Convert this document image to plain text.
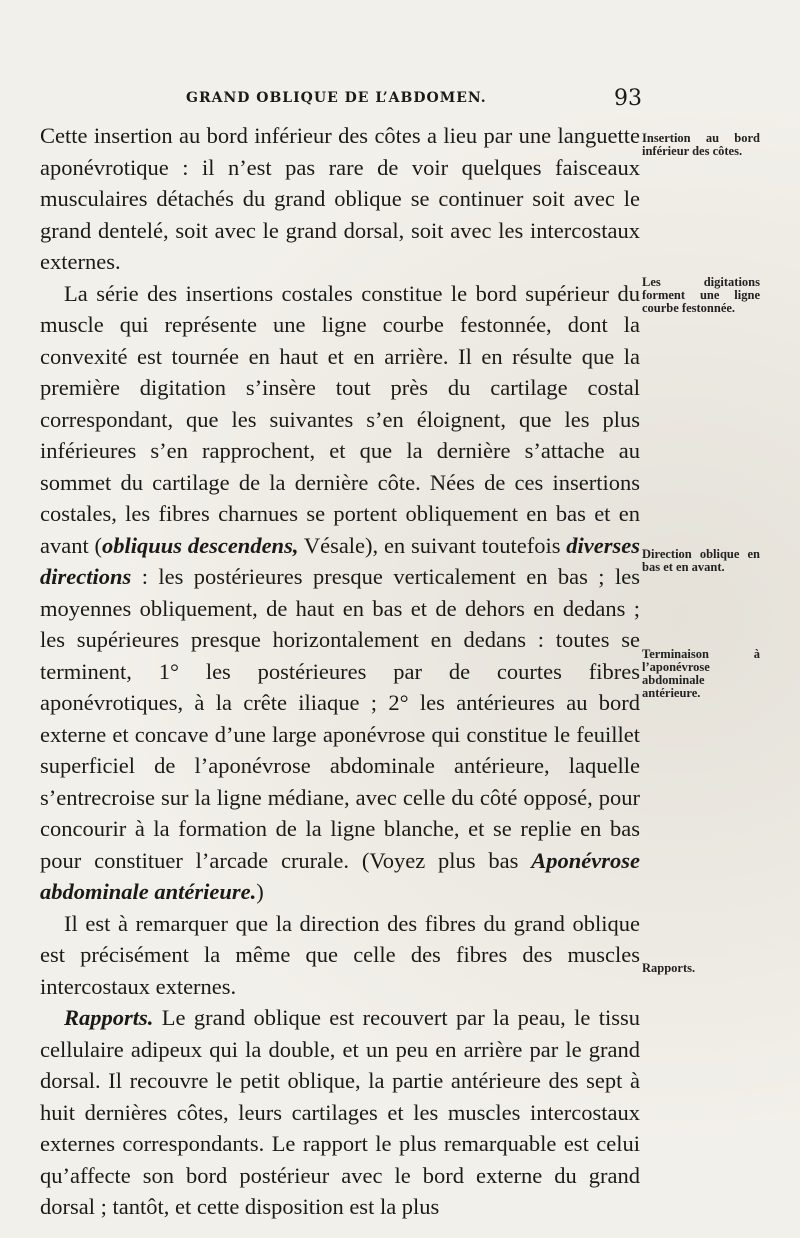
GRAND OBLIQUE DE L’ABDOMEN.	93

Cette insertion au bord inférieur des côtes a lieu par une languette aponévrotique : il n’est pas rare de voir quelques faisceaux musculaires détachés du grand oblique se continuer soit avec le grand dentelé, soit avec le grand dorsal, soit avec les intercostaux externes.

La série des insertions costales constitue le bord supérieur du muscle qui représente une ligne courbe festonnée, dont la convexité est tournée en haut et en arrière. Il en résulte que la première digitation s’insère tout près du cartilage costal correspondant, que les suivantes s’en éloignent, que les plus inférieures s’en rapprochent, et que la dernière s’attache au sommet du cartilage de la dernière côte. Nées de ces insertions costales, les fibres charnues se portent obliquement en bas et en avant (obliquus descendens, Vésale), en suivant toutefois diverses directions : les postérieures presque verticalement en bas ; les moyennes obliquement, de haut en bas et de dehors en dedans ; les supérieures presque horizontalement en dedans : toutes se terminent, 1° les postérieures par de courtes fibres aponévrotiques, à la crête iliaque ; 2° les antérieures au bord externe et concave d’une large aponévrose qui constitue le feuillet superficiel de l’aponévrose abdominale antérieure, laquelle s’entrecroise sur la ligne médiane, avec celle du côté opposé, pour concourir à la formation de la ligne blanche, et se replie en bas pour constituer l’arcade crurale. (Voyez plus bas Aponévrose abdominale antérieure.)

Il est à remarquer que la direction des fibres du grand oblique est précisément la même que celle des fibres des muscles intercostaux externes.

Rapports. Le grand oblique est recouvert par la peau, le tissu cellulaire adipeux qui la double, et un peu en arrière par le grand dorsal. Il recouvre le petit oblique, la partie antérieure des sept à huit dernières côtes, leurs cartilages et les muscles intercostaux externes correspondants. Le rapport le plus remarquable est celui qu’affecte son bord postérieur avec le bord externe du grand dorsal ; tantôt, et cette disposition est la plus

Insertion au bord inférieur des côtes.
Les digitations forment une ligne courbe festonnée.
Direction oblique en bas et en avant.
Terminaison à l’aponévrose abdominale antérieure.
Rapports.
